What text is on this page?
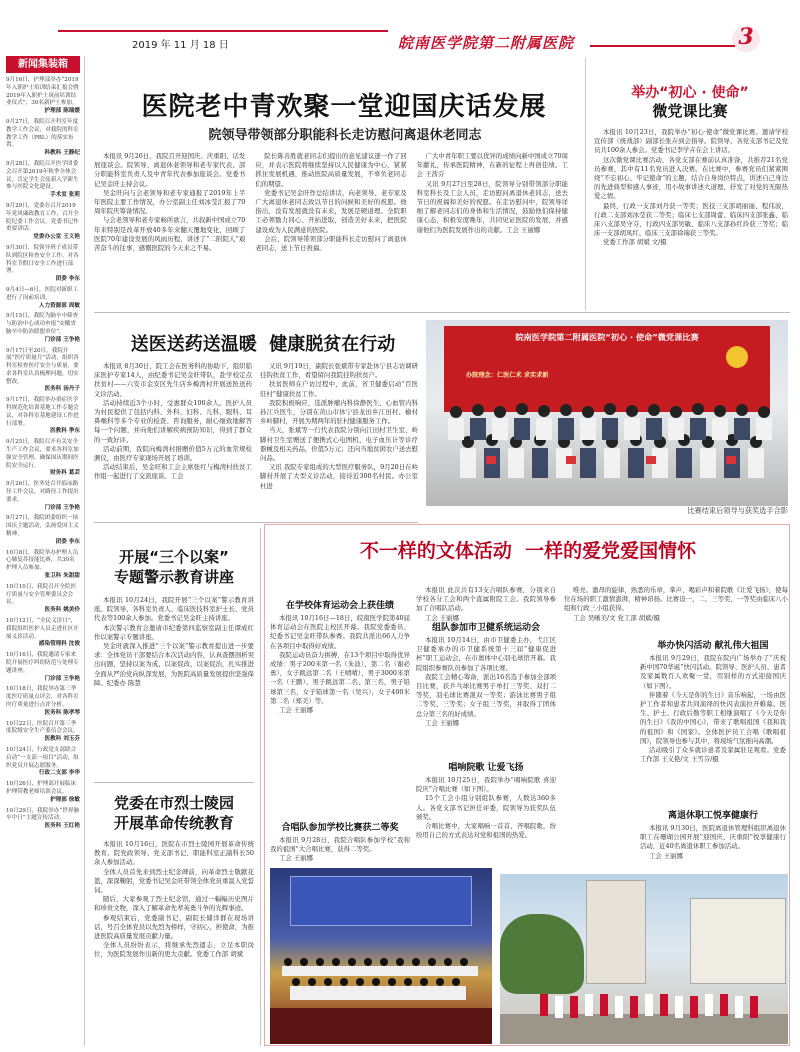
2019 年 11 月 18 日	皖南医学院第二附属医院	3
新闻集装箱
9月16日，护理部举办“2019年入职护士培训结束汇报会暨2019年入职护士岗前培训结业仪式”，30名新护士参加。
护理部 陈瑞媛
9月27日，我院召开科室年度教学工作会议，对我院的科室教学工作（PBL）的落实布置。
科教科 王静纪
9月28日，我院召开医学团委会召开第2019年秋季全体会议，肯定学生会及新入学新生参与医院文化建设。
手术室 张莉
9月29日，党委在召开2019年党风廉政教育工作，召开全院纪委工作会议，党委书记作重要讲话。
党委办公室 王义艳
9月30日，院领导班子成员带队到院区检查安全工作，对各科室节假日安全工作进行部署。
团委 李东
9月4日—6日，医院对新职工进行了岗前培训。
人力资源部 周敏
9月15日，我院为脑卒中筛查与防治中心成功申报“安徽省脑卒中防治联盟单位”。
门诊部 王争艳
9月17日至20日，我院开展“医疗质量月”活动，组织各科室检查医疗安全与质量，要求各科室认真梳理问题，切实整改。
医务科 汤丹子
9月17日，我院举办重症医学科规范化培训基地工作专题会议，对各科室基地建设工作进行部署。
医教科 季东
9月25日，我院召开有关安全生产工作会议，要求各科室加强安全管理，确保国庆期间医院安全运行。
财务科 葛芸
9月26日，医务处召开临床路径工作会议，对路径工作提出要求。
门诊部 王争艳
9月27日，我院团委组织一场国庆主题活动，弘扬爱国主义精神。
团委 李东
10月8日，我院举办护理人员心肺复苏技能比赛，共30名护理人员参加。
张卫科 朱甜甜
10月10日，我院召开全院医疗质量与安全管理委员会会议。
医务科 姚美伶
10月12日，“全民义诊日”，我院组织医护人员走进社区开展义诊活动。
感染管理科 沈俊
10月16日，我院邀请专家来院开展医疗纠纷防范与处理专题讲座。
门诊部 王争艳
10月18日，我院举办第三季度医疗质量点评会，对各科室医疗质量进行点评分析。
医务科 陈孝琴
10月22日，医院召开第三季度院级安全生产委员会会议。
医教科 刘玉芬
10月24日，行政党支部联合启动“一支部一项目”活动，组织党员开展志愿服务。
行政二支部 李华
10月26日，护理部开展临床护理带教老师培训会议。
护理部 徐敏
10月29日，我院举办“世界脑卒中日”主题宣传活动。
医务科 王红艳
医院老中青欢聚一堂迎国庆话发展
院领导带领部分职能科长走访慰问离退休老同志

本报讯 9月26日，我院召开迎国庆、庆重阳、话发展座谈会。院领导、离退休老领导和老专家代表、部分职能科室负责人及中青年代表参加座谈会。党委书记吴金旺主持会议。

吴金旺向与会老领导和老专家通报了2019年上半年医院主要工作情况，办公室副主任刘冰莹汇报了70周年院庆筹备情况。

与会老领导和老专家畅所欲言，共叙新中国成立70年来特别是改革开放40多年来翻天覆地变化，回顾了医院70年建设发展的风雨历程，讲述了“二附院人”艰苦奋斗的往事，感慨医院的今天来之不易。

院长陈善胜就老同志们提出的意见建议逐一作了回应，并表示医院将继续坚持以人民健康为中心，紧紧抓住发展机遇，推动医院高质量发展，不辜负老同志们的期望。

党委书记吴金旺作总结讲话，向老领导、老专家及广大离退休老同志致以节日的问候和美好的祝愿。他指出，没有发展就没有未来，发展是硬道理。全院职工必须勠力同心、开拓进取，创造美好未来，把医院建设成为人民满意的医院。

会后，院领导带领部分职能科长走访慰问了离退休老同志，送上节日祝福。

广大中青年职工要以优异的成绩向新中国成立70周年献礼，传承医院精神，在新的征程上再创佳绩。工会 王茜芬

又讯 9月27日至28日，院领导分别带领部分职能科室科长及工会人员，走访慰问离退休老同志，送去节日的祝福和美好的祝愿。在走访慰问中，院领导详细了解老同志们的身体和生活情况，鼓励他们保持健康心态，积极安度晚年，共同见证医院的发展，并感谢他们为医院发展作出的贡献。工会 王丽娜

举办“初心 · 使命”
微党课比赛

本报讯 10月23日，我院举办“初心·使命”微党课比赛。邀请学校宣传部（统战部）副部长张卉到会指导。院领导、各党支部书记及党员共100余人参会。党委书记李学卉在会上讲话。

这次微党课比赛活动，各党支部在赛前认真准备，共推荐21名党员参赛，其中有11名党员进入决赛。在比赛中，参赛党员们紧紧围绕“不忘初心、牢记使命”的主题，结合自身岗位特点，讲述自己身边的先进典型和感人事迹，用小故事讲述大道理，抒发了对党的无限热爱之情。

最终，行政一支部刘丹获一等奖；医技三支部胡丽丽、程伟波，行政二支部刘冰莹获二等奖；临床七支部周蕾、临床四支部张鑫、临床六支部吴守芬，行政四支部吴敏、临床八支部孙红玲获三等奖；临床一支部胡凤红、临床三支部徐瑞获三等奖。

党委工作部 胡斌 文/摄

送医送药送温暖  健康脱贫在行动

本报讯 8月30日，院工会在医务科的协助下，组织临床医护专家14人，由纪委书记吴金旺带队，赴学校定点扶贫村——六安市金安区先生店乡梅湾村开展送医送药义诊活动。

活动持续近3个小时，受惠群众100余人。医护人员为村民提供了包括内科、外科、妇科、儿科、眼科、耳鼻喉科等多个专业的检查、咨询服务，耐心细致地解答每一个问题，并向他们讲解疾病预防知识，得到了群众的一致好评。

活动前期，我院向梅湾村捐赠价值5万元的血常规检测仪，由医疗专家现场开展了培训。

活动结束后，吴金旺和工会主席张红与梅湾村扶贫工作组一起进行了交流座谈。工会

又讯 9月19日，副院长张斌带专家赴休宁县志访调研挂钩扶贫工作，看望留问我院挂钩扶贫户。

扶贫医师在户访过程中，此前，省卫健委启动“百医驻村”健康扶贫工作。

我院积极响应，选派肿瘤内科徐静医生、心血管内科孙江兵医生，分别在黄山市休宁县龙田乡江田村、榆村乡岭脚村，开展为期两年的驻村健康服务工作。

当天，张斌等一行代表我院分别向江田村卫生室、岭脚村卫生室赠送了便携式心电图机、电子血压计等诊疗器械及相关药品，价值5万元；还向当地贫困农户送去慰问品。

又讯 我院专家组成的大型医疗服务队，9月20日在岭脚村开展了大型义诊活动，接待近300名村民。办公室 杜进

皖南医学院第二附属医院“初心 · 使命”微党课比赛
办院理念：仁医仁术 求实求新
比赛结束后领导与获奖选手合影
开展“三个以案”
专题警示教育讲座

本报讯 10月24日，我院开展“三个以案”警示教育讲座。院领导、各科室负责人、临床医技科室护士长、党员代表等100余人参加。党委书记吴金旺主持讲座。

本次警示教育会邀请市纪委第四监察室副主任谭成红作以案警示专题讲座。

吴金旺就深入推进“三个以案”警示教育提出进一步要求：全体党员干部要结合本次活动内容，认真查摆剖析突出问题，坚持以案为戒、以案促改、以案促治，扎实推进全面从严治党向纵深发展，为医院高质量发展提供坚强保障。纪委办 陈慧

党委在市烈士陵园
开展革命传统教育

本报讯 10月16日，医院在市烈士陵园开展革命传统教育。院党政领导、党支部书记、职能科室正副科长50余人参加活动。

全体人员首先来到烈士纪念碑前，向革命烈士敬献花篮，深深鞠躬，党委书记吴金旺带领全体党员重温入党誓词。

随后，大家参观了烈士纪念馆，通过一幅幅历史图片和珍贵文物，深入了解革命先辈英勇斗争的光辉事迹。

参观结束后，党委副书记、副院长储洋群在现场讲话，号召全体党员以先烈为榜样，守初心、担使命，为推进医院高质量发展贡献力量。

全体人员纷纷表示，将继承先烈遗志，立足本职岗位，为医院发展作出新的更大贡献。党委工作部 胡斌

不一样的文体活动  一样的爱党爱国情怀
在学校体育运动会上获佳绩

本报讯 10月16日—18日，皖南医学院第40届体育运动会在医院主校区开幕。我院党委委员、纪委书记吴金旺带队参赛。我院共派出66人力争在各项目中取得好成绩。

我院运动员奋力拼搏，在13个项目中取得优异成绩：男子200米第一名（朱波）、第二名（谢必勇），女子跳远第二名（王晴晴），男子3000米第一名（王鹏）、男子跳远第二名、第三名，男子铅球第三名，女子铅球第一名（吴兴），女子400米第二名（郑美）等。

工会 王丽娜

合唱队参加学校比赛获二等奖

本报讯 9月28日，我院合唱队参加学校“我和我的祖国”大合唱比赛，获得二等奖。

工会 王丽娜

本报讯 此次共有13支合唱队参赛，分别来自学校各分工会和两个直属附院工会。我院领导参加了合唱队活动。

工会 王丽娜

组队参加市卫健系统运动会

本报讯 10月14日，由市卫健委主办，弋江区卫健委承办的市卫健系统第十三届“健康促进杯”职工运动会，在市奥体中心羽毛球馆开幕。我院组织参赛队员参加了各项比赛。

我院工会精心筹备，派出16名选手参加全部项目比赛，获乒乓球比赛男子单打三等奖、双打二等奖，羽毛球比赛混双一等奖；游泳比赛男子组二等奖、三等奖；女子组三等奖，并取得了团体总分第三名的好成绩。

工会 王丽娜

唱响院歌 让爱飞扬

本报讯 10月25日，我院举办“唱响院歌 喜迎院庆”合唱比赛（如下图）。

15个工会小组分别组队参赛，人数达360多人。各党支部书记担任评委，院领导为获奖队伍颁奖。

合唱比赛中，大家唱响一首首、齐唱院歌，纷纷用自己的方式表达对党和祖国的热爱。

唯亮。激昂的旋律，熟悉的乐章，掌声、喝彩声和着院歌《让爱飞扬》，使每位在场的职工激情澎湃，精神昂扬。比赛设一、二、三等奖，一等奖由临床八小组和行政三小组获得。

工会 吴晰美/文 党工部 胡斌/摄

举办快闪活动 献礼伟大祖国

本报讯 9月29日，我院在院内广场举办了“庆祝新中国70华诞”快闪活动。院领导、医护人员、患者及家属数百人欢聚一堂，用别样的方式迎接国庆（如下图）。

伴随着《今天是你的生日》音乐响起，一场由医护工作者和患者共同演绎的快闪表演拉开帷幕。医生、护士、行政后勤等职工相继演唱了《今天是你的生日》《我的中国心》，带来了歌唱祖国《我和我的祖国》和《国家》。全体医护员工合唱《歌唱祖国》，院领导也参与其中，将现场气氛推向高潮。

活动吸引了众多就诊患者及家属驻足观看。党委工作部 王义艳/文 王雪芬/摄

离退休职工悦享健康行

本报讯 9月30日，医院离退休管理科组织离退休职工在珊瑚公园开展“迎国庆、庆重阳”悦享健康行活动，近40名离退休职工参加活动。

工会 王丽娜
